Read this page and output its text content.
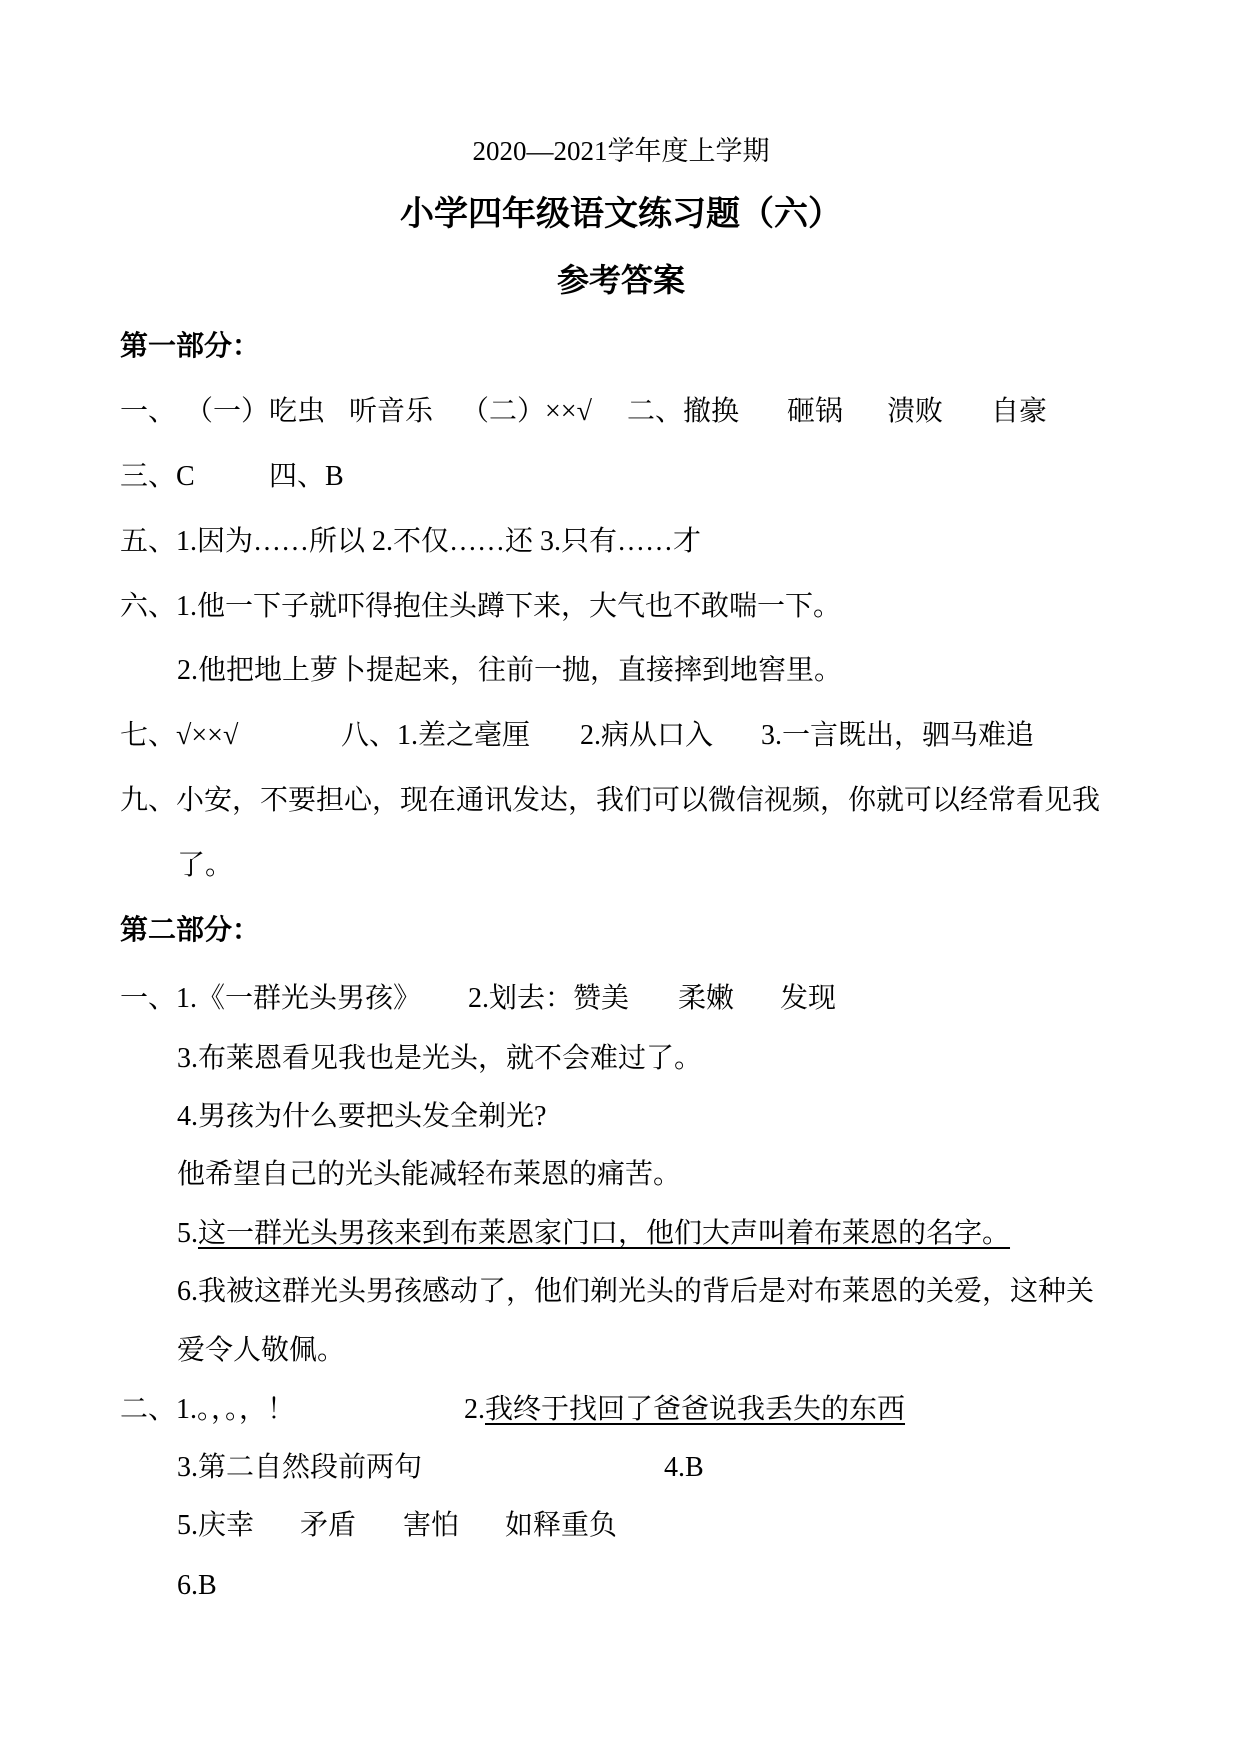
2020—2021学年度上学期
小学四年级语文练习题（六）
参考答案
第一部分：
一、 （一）吃虫 听音乐 （二）××√ 二、撤换 砸锅 溃败 自豪
三、C	四、B
五、1.因为……所以 2.不仅……还 3.只有……才
六、1.他一下子就吓得抱住头蹲下来，大气也不敢喘一下。
2.他把地上萝卜提起来，往前一抛，直接摔到地窖里。
七、√××√	八、1.差之毫厘 2.病从口入 3.一言既出，驷马难追
九、小安，不要担心，现在通讯发达，我们可以微信视频，你就可以经常看见我
了。
第二部分：
一、1.《一群光头男孩》 2.划去：赞美 柔嫩 发现
3.布莱恩看见我也是光头，就不会难过了。
4.男孩为什么要把头发全剃光?
他希望自己的光头能减轻布莱恩的痛苦。
5.这一群光头男孩来到布莱恩家门口，他们大声叫着布莱恩的名字。
6.我被这群光头男孩感动了，他们剃光头的背后是对布莱恩的关爱，这种关
爱令人敬佩。
二、1.。，。，！	2.我终于找回了爸爸说我丢失的东西
3.第二自然段前两句	4.B
5.庆幸 矛盾 害怕 如释重负
6.B
